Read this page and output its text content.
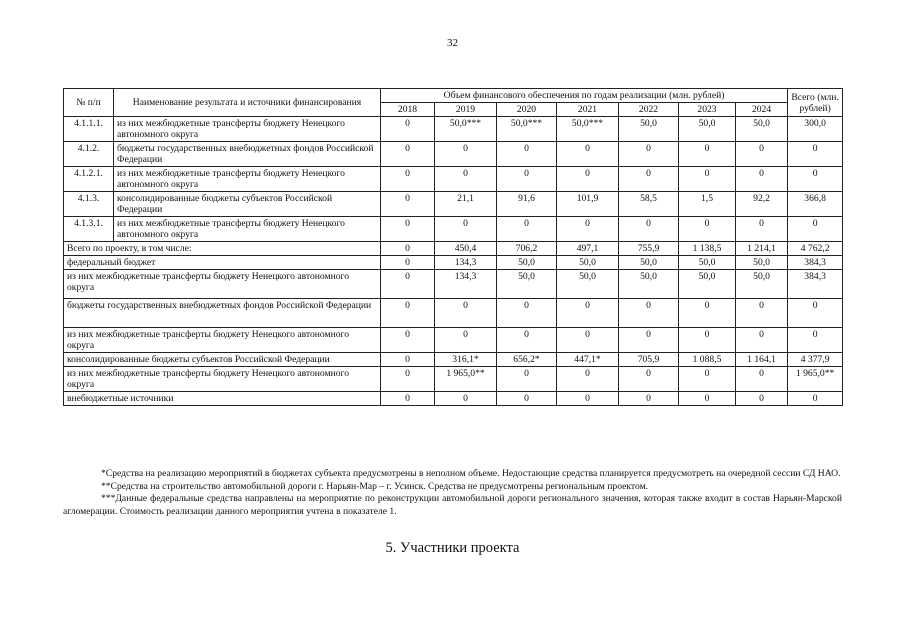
32
№ п/п	Наименование результата и источники финансирования	Объем финансового обеспечения по годам реализации (млн. рублей)							Всего (млн. рублей)
		2018	2019	2020	2021	2022	2023	2024	
4.1.1.1.	из них межбюджетные трансферты бюджету Ненецкого автономного округа	0	50,0***	50,0***	50,0***	50,0	50,0	50,0	300,0
4.1.2.	бюджеты государственных внебюджетных фондов Российской Федерации	0	0	0	0	0	0	0	0
4.1.2.1.	из них межбюджетные трансферты бюджету Ненецкого автономного округа	0	0	0	0	0	0	0	0
4.1.3.	консолидированные бюджеты субъектов Российской Федерации	0	21,1	91,6	101,9	58,5	1,5	92,2	366,8
4.1.3.1.	из них межбюджетные трансферты бюджету Ненецкого автономного округа	0	0	0	0	0	0	0	0
Всего по проекту, в том числе:		0	450,4	706,2	497,1	755,9	1 138,5	1 214,1	4 762,2
федеральный бюджет		0	134,3	50,0	50,0	50,0	50,0	50,0	384,3
из них межбюджетные трансферты бюджету Ненецкого автономного округа		0	134,3	50,0	50,0	50,0	50,0	50,0	384,3
бюджеты государственных внебюджетных фондов Российской Федерации		0	0	0	0	0	0	0	0
из них межбюджетные трансферты бюджету Ненецкого автономного округа		0	0	0	0	0	0	0	0
консолидированные бюджеты субъектов Российской Федерации		0	316,1*	656,2*	447,1*	705,9	1 088,5	1 164,1	4 377,9
из них межбюджетные трансферты бюджету Ненецкого автономного округа		0	1 965,0**	0	0	0	0	0	1 965,0**
внебюджетные источники		0	0	0	0	0	0	0	0

*Средства на реализацию мероприятий в бюджетах субъекта предусмотрены в неполном объеме. Недостающие средства планируется предусмотреть на очередной сессии СД НАО.

**Средства на строительство автомобильной дороги г. Нарьян-Мар – г. Усинск. Средства не предусмотрены региональным проектом.

***Данные федеральные средства направлены на мероприятие по реконструкции автомобильной дороги регионального значения, которая также входит в состав Нарьян-Марской агломерации. Стоимость реализации данного мероприятия учтена в показателе 1.

5. Участники проекта
